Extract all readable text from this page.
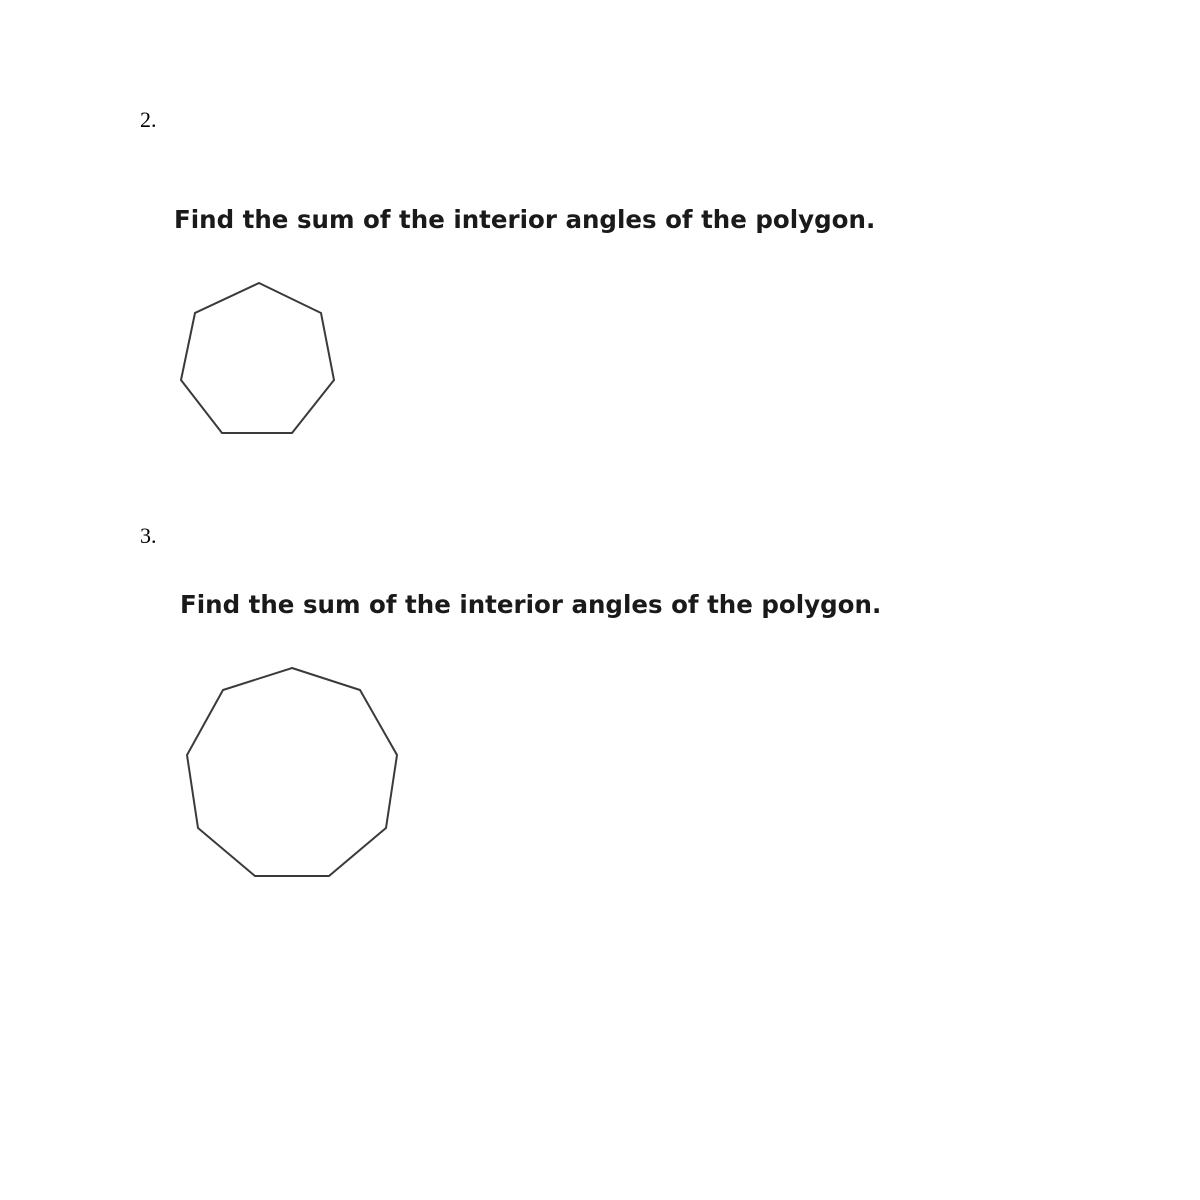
2.
Find the sum of the interior angles of the polygon.
3.
Find the sum of the interior angles of the polygon.
